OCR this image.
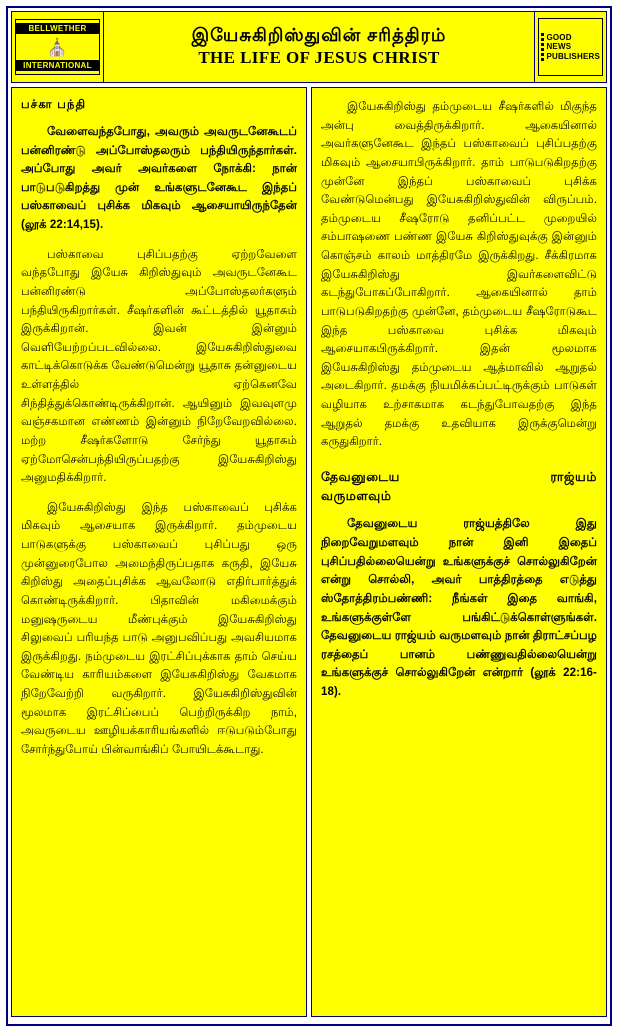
BELLWETHER
⛪
INTERNATIONAL
இயேசுகிறிஸ்துவின் சரித்திரம்
THE LIFE OF JESUS CHRIST
GOOD
NEWS
PUBLISHERS
பச்கா பந்தி

வேளைவந்தபோது, அவரும் அவருடனேகூடப் பன்னிரண்டு அப்போஸ்தலரும் பந்தியிருந்தார்கள். அப்போது அவர் அவர்களை நோக்கி: நான் பாடுபடுகிறத்து முன் உங்களுடனேகூட இந்தப் பஸ்காவைப் புசிக்க மிகவும் ஆசையாயிருந்தேன் (லூக் 22:14,15).

பஸ்காவை புசிப்பதற்கு ஏற்றவேளை வந்தபோது இயேசு கிறிஸ்துவும் அவருடனேகூட பன்னிரண்டு அப்போஸ்தலர்களும் பந்தியிருகிறார்கள். சீஷர்களின் கூட்டத்தில் யூதாசும் இருக்கிறான். இவன் இன்னும் வெளியேற்றப்படவில்லை. இயேசுகிறிஸ்துவை காட்டிக்கொடுக்க வேண்டுமென்று யூதாசு தன்னுடைய உள்ளத்தில் ஏற்கெனவே சிந்தித்துக்கொண்டிருக்கிறான். ஆயினும் இவவுளமு வஞ்சகமான எண்ணம் இன்னும் நிறேவேறவில்லை. மற்ற சீஷர்களோடு சேர்ந்து யூதாசும் ஏற்மோசென்பந்தியிருப்பதற்கு இயேசுகிறிஸ்து அனுமதிக்கிறார்.

இயேசுகிறிஸ்து இந்த பஸ்காவைப் புசிக்க மிகவும் ஆசையாக இருக்கிறார். தம்முடைய பாடுகளுக்கு பஸ்காவைப் புசிப்பது ஒரு முன்னுரைபோல அமைந்திருப்பதாக கருதி, இயேசு கிறிஸ்து அதைப்புசிக்க ஆவலோடு எதிர்பார்த்துக் கொண்டிருக்கிறார். பிதாவின் மகிமைக்கும் மனுஷருடைய மீண்புக்கும் இயேசுகிறிஸ்து சிலுவைப் பரியந்த பாடு அனுபவிப்பது அவசியமாக இருக்கிறது. நம்முடைய இரட்சிப்புக்காக தாம் செய்ய வேண்டிய காரியம்களை இயேசுகிறிஸ்து வேகமாக நிறேவேற்றி வருகிறார். இயேசுகிறிஸ்துவின் மூலமாக இரட்சிப்பைப் பெற்றிருக்கிற நாம், அவருடைய ஊழியக்காரியங்களில் ஈடுபடும்போது சோர்ந்துபோய் பின்வாங்கிப் போயிடக்கூடாது.

இயேசுகிறிஸ்து தம்முடைய சீஷர்களில் மிகுந்த அன்பு வைத்திருக்கிறார். ஆகையினால் அவர்களுனேகூட இந்தப் பஸ்காவைப் புசிப்பதற்கு மிகவும் ஆசையாபிருக்கிறார். தாம் பாடுபடுகிறதற்கு முன்னே இந்தப் பஸ்காவைப் புசிக்க வேண்டுமென்பது இயேசுகிறிஸ்துவின் விருப்பம். தம்முடைய சீஷரோடு தனிப்பட்ட முறையில் சம்பாஷணை பண்ண இயேசு கிறிஸ்துவுக்கு இன்னும் கொஞ்சம் காலம் மாத்திரமே இருக்கிறது. சீக்கிரமாக இயேசுகிறிஸ்து இவர்களைவிட்டு கடந்துபோகப்போகிறார். ஆகையினால் தாம் பாடுபடுகிறதற்கு முன்னே, தம்முடைய சீஷரோடுகூட இந்த பஸ்காவை புசிக்க மிகவும் ஆசையாகபிருக்கிறார். இதன் மூலமாக இயேசுகிறிஸ்து தம்முடைய ஆத்மாவில் ஆறுதல் அடைகிறார். தமக்கு நியமிக்கப்பட்டிருக்கும் பாடுகள் வழியாக உற்சாகமாக கடந்துபோவதற்கு இந்த ஆறுதல் தமக்கு உதவியாக இருக்குமென்று கருதுகிறார்.

தேவனுடைய	ராஜ்யம்
வருமளவும்

தேவனுடைய ராஜ்யத்திலே இது நிறைவேறுமளவும் நான் இனி இதைப் புசிப்பதில்லையென்று உங்களுக்குச் சொல்லுகிறேன் என்று சொல்லி, அவர் பாத்திரத்தை எடுத்து ஸ்தோத்திரம்பண்ணி: நீங்கள் இதை வாங்கி, உங்களுக்குள்ளே பங்கிட்டுக்கொள்ளுங்கள். தேவனுடைய ராஜ்யம் வருமளவும் நான் திராட்சப்பழ ரசத்தைப் பானம் பண்ணுவதில்லையென்று உங்களுக்குச் சொல்லுகிறேன் என்றார் (லூக் 22:16-18).
